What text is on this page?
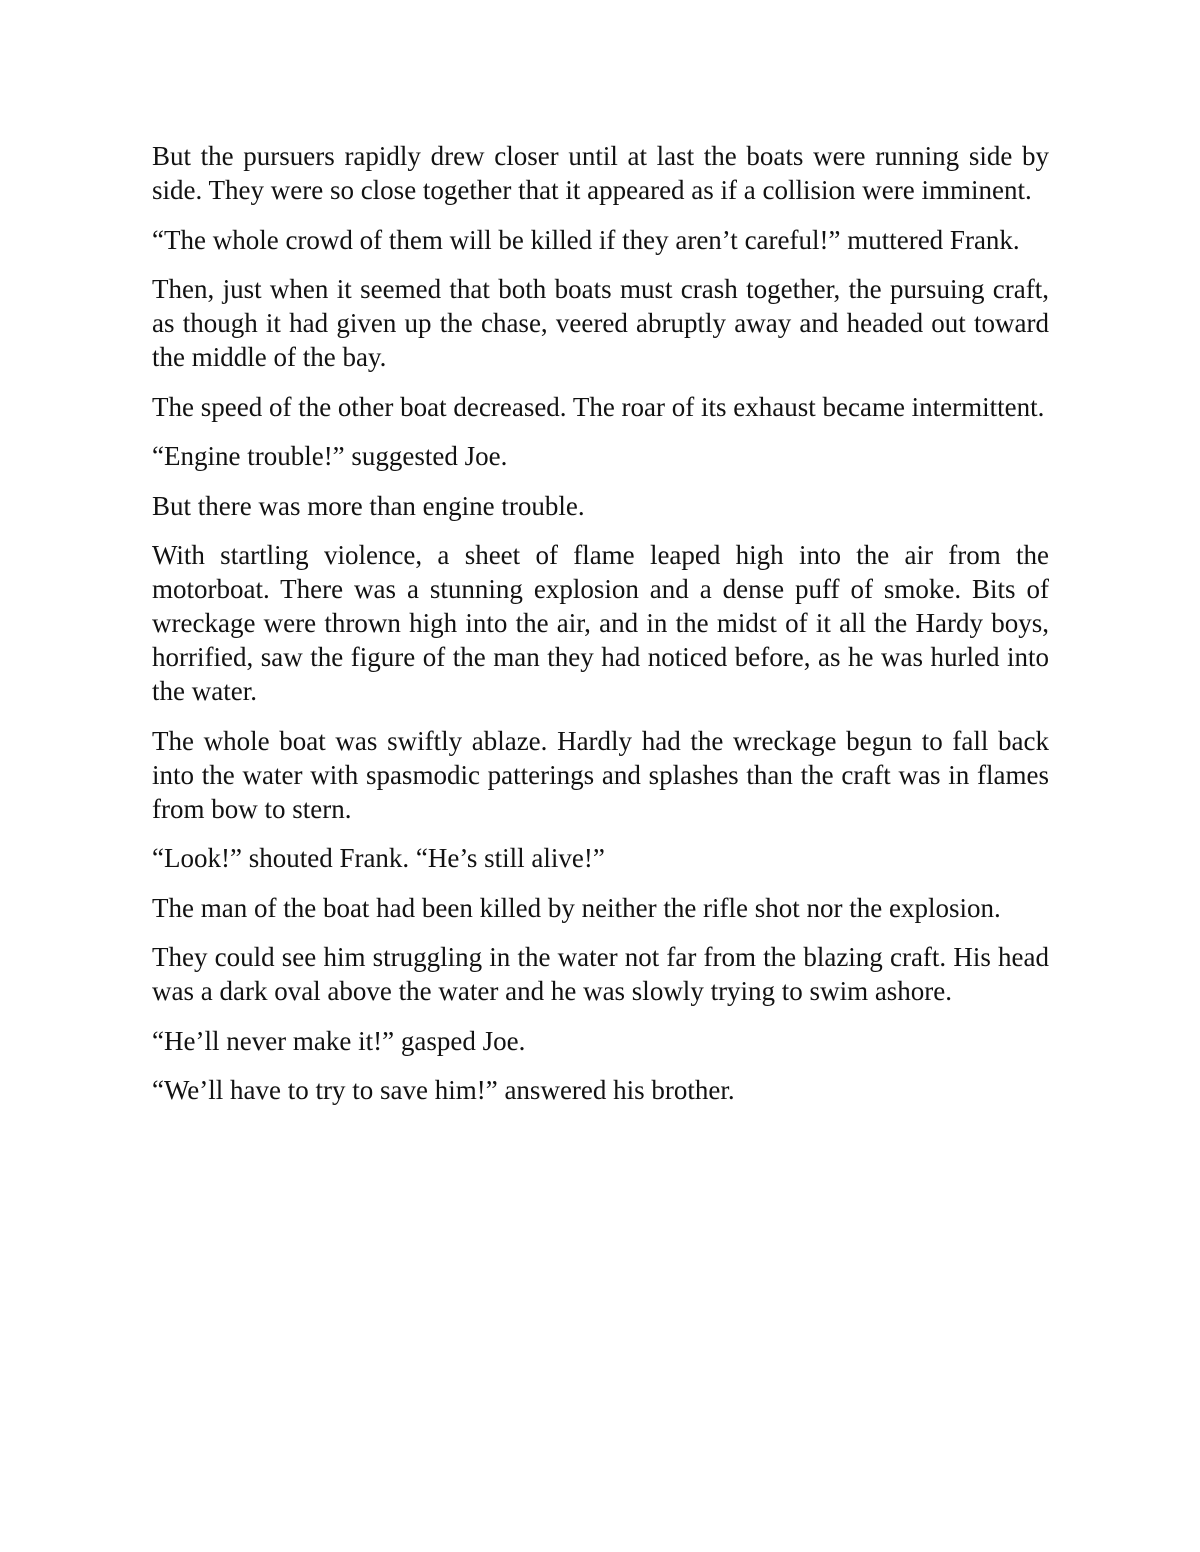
But the pursuers rapidly drew closer until at last the boats were running side by side. They were so close together that it appeared as if a collision were imminent.

“The whole crowd of them will be killed if they aren’t careful!” muttered Frank.

Then, just when it seemed that both boats must crash together, the pursuing craft, as though it had given up the chase, veered abruptly away and headed out toward the middle of the bay.

The speed of the other boat decreased. The roar of its exhaust became intermittent.

“Engine trouble!” suggested Joe.

But there was more than engine trouble.

With startling violence, a sheet of flame leaped high into the air from the motorboat. There was a stunning explosion and a dense puff of smoke. Bits of wreckage were thrown high into the air, and in the midst of it all the Hardy boys, horrified, saw the figure of the man they had noticed before, as he was hurled into the water.

The whole boat was swiftly ablaze. Hardly had the wreckage begun to fall back into the water with spasmodic patterings and splashes than the craft was in flames from bow to stern.

“Look!” shouted Frank. “He’s still alive!”

The man of the boat had been killed by neither the rifle shot nor the explosion.

They could see him struggling in the water not far from the blazing craft. His head was a dark oval above the water and he was slowly trying to swim ashore.

“He’ll never make it!” gasped Joe.

“We’ll have to try to save him!” answered his brother.
